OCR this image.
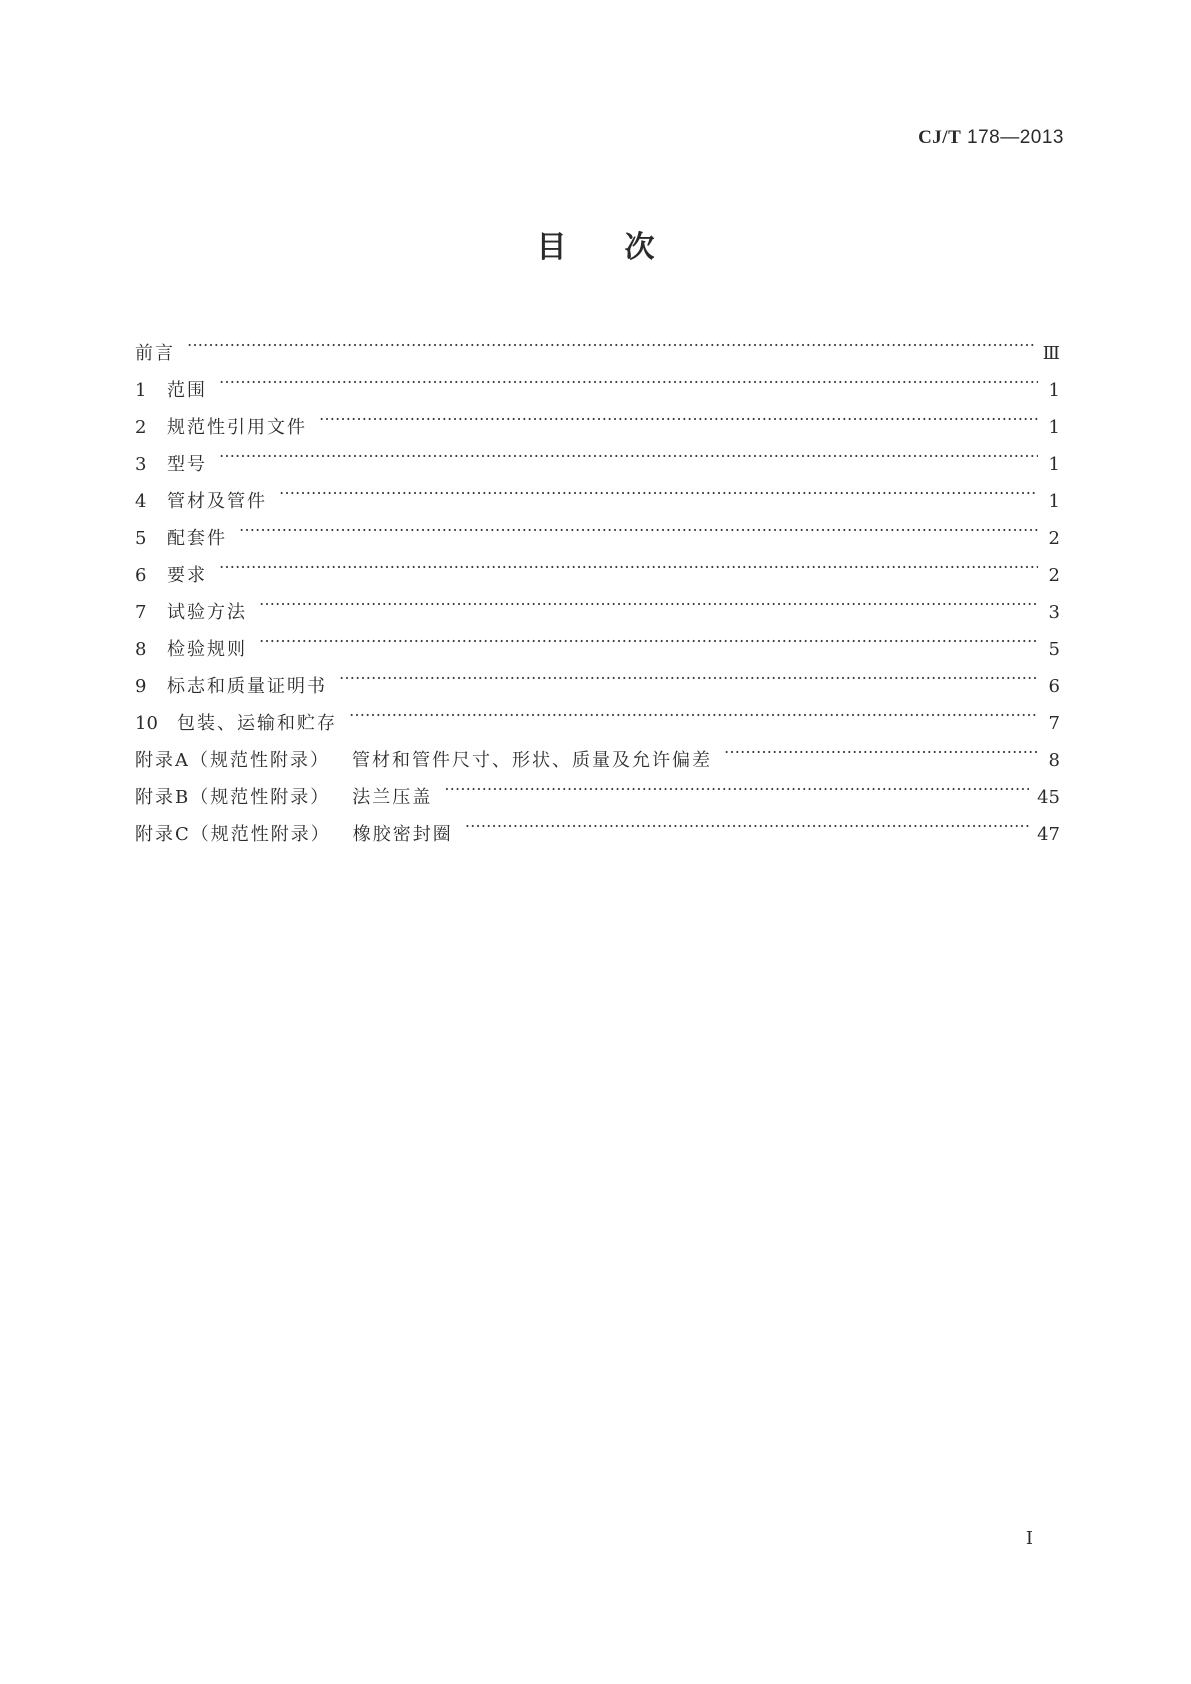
CJ/T 178—2013
目次
前言 …………………………………………………………………………………………………………………………………………………………………………………………	Ⅲ
1	范围 …………………………………………………………………………………………………………………………………………………………………………………………	1
2	规范性引用文件 …………………………………………………………………………………………………………………………………………………………………………………………	1
3	型号 …………………………………………………………………………………………………………………………………………………………………………………………	1
4	管材及管件 …………………………………………………………………………………………………………………………………………………………………………………………	1
5	配套件 …………………………………………………………………………………………………………………………………………………………………………………………	2
6	要求 …………………………………………………………………………………………………………………………………………………………………………………………	2
7	试验方法 …………………………………………………………………………………………………………………………………………………………………………………………	3
8	检验规则 …………………………………………………………………………………………………………………………………………………………………………………………	5
9	标志和质量证明书 …………………………………………………………………………………………………………………………………………………………………………………………	6
10	包装、运输和贮存 …………………………………………………………………………………………………………………………………………………………………………………………	7
附录A（规范性附录） 管材和管件尺寸、形状、质量及允许偏差 …………………………………………………………………………………………………………………………………………………………………………………………	8
附录B（规范性附录） 法兰压盖 …………………………………………………………………………………………………………………………………………………………………………………………	45
附录C（规范性附录） 橡胶密封圈 …………………………………………………………………………………………………………………………………………………………………………………………	47
I
